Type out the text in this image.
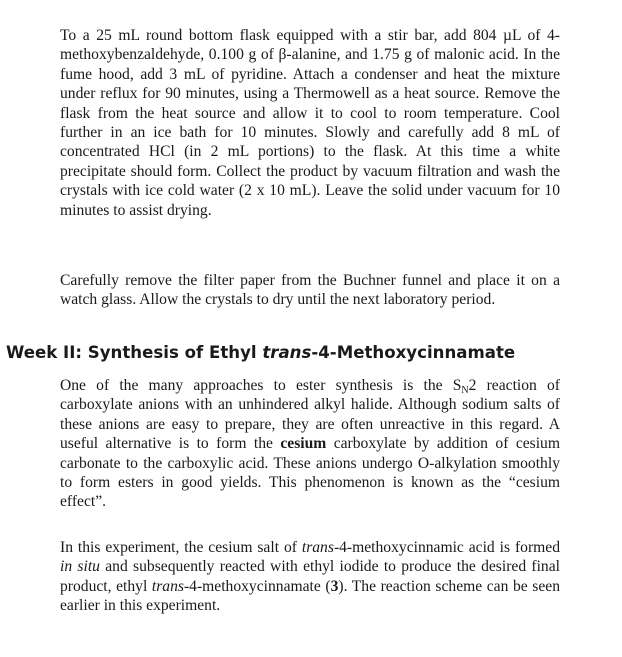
To a 25 mL round bottom flask equipped with a stir bar, add 804 µL of 4-methoxybenzaldehyde, 0.100 g of β-alanine, and 1.75 g of malonic acid. In the fume hood, add 3 mL of pyridine. Attach a condenser and heat the mixture under reflux for 90 minutes, using a Thermowell as a heat source. Remove the flask from the heat source and allow it to cool to room temperature. Cool further in an ice bath for 10 minutes. Slowly and carefully add 8 mL of concentrated HCl (in 2 mL portions) to the flask. At this time a white precipitate should form. Collect the product by vacuum filtration and wash the crystals with ice cold water (2 x 10 mL). Leave the solid under vacuum for 10 minutes to assist drying.

Carefully remove the filter paper from the Buchner funnel and place it on a watch glass. Allow the crystals to dry until the next laboratory period.

Week II: Synthesis of Ethyl trans-4-Methoxycinnamate

One of the many approaches to ester synthesis is the $S_N2$ reaction of carboxylate anions with an unhindered alkyl halide. Although sodium salts of these anions are easy to prepare, they are often unreactive in this regard. A useful alternative is to form the cesium carboxylate by addition of cesium carbonate to the carboxylic acid. These anions undergo O-alkylation smoothly to form esters in good yields. This phenomenon is known as the “cesium effect”.

In this experiment, the cesium salt of trans-4-methoxycinnamic acid is formed in situ and subsequently reacted with ethyl iodide to produce the desired final product, ethyl trans-4-methoxycinnamate (3). The reaction scheme can be seen earlier in this experiment.
